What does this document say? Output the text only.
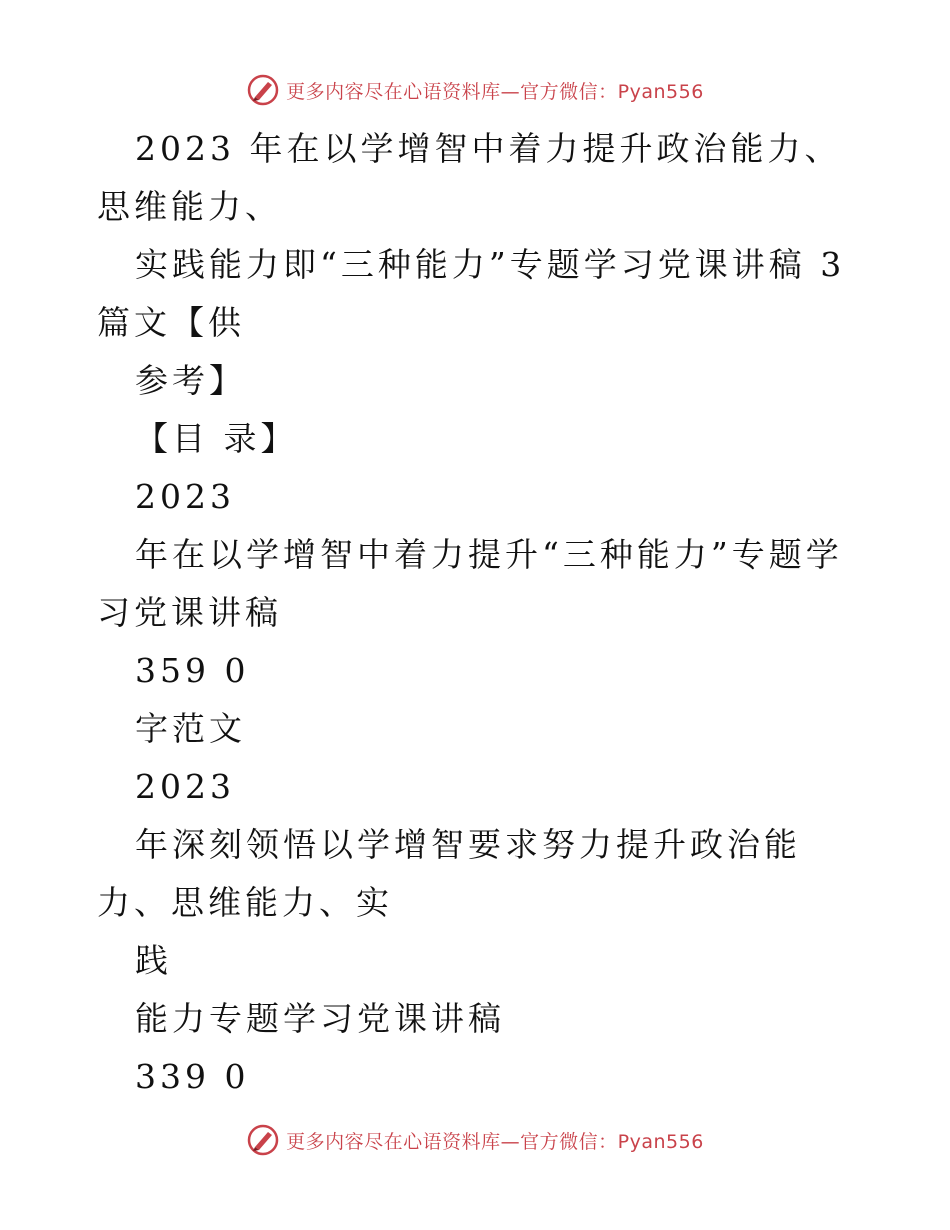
更多内容尽在心语资料库—官方微信：Pyan556

2023 年在以学增智中着力提升政治能力、思维能力、

实践能力即“三种能力”专题学习党课讲稿 3 篇文【供

参考】

【目 录】

2023

年在以学增智中着力提升“三种能力”专题学习党课讲稿

359 0

字范文

2023

年深刻领悟以学增智要求努力提升政治能力、思维能力、实

践

能力专题学习党课讲稿

339 0

更多内容尽在心语资料库—官方微信：Pyan556
